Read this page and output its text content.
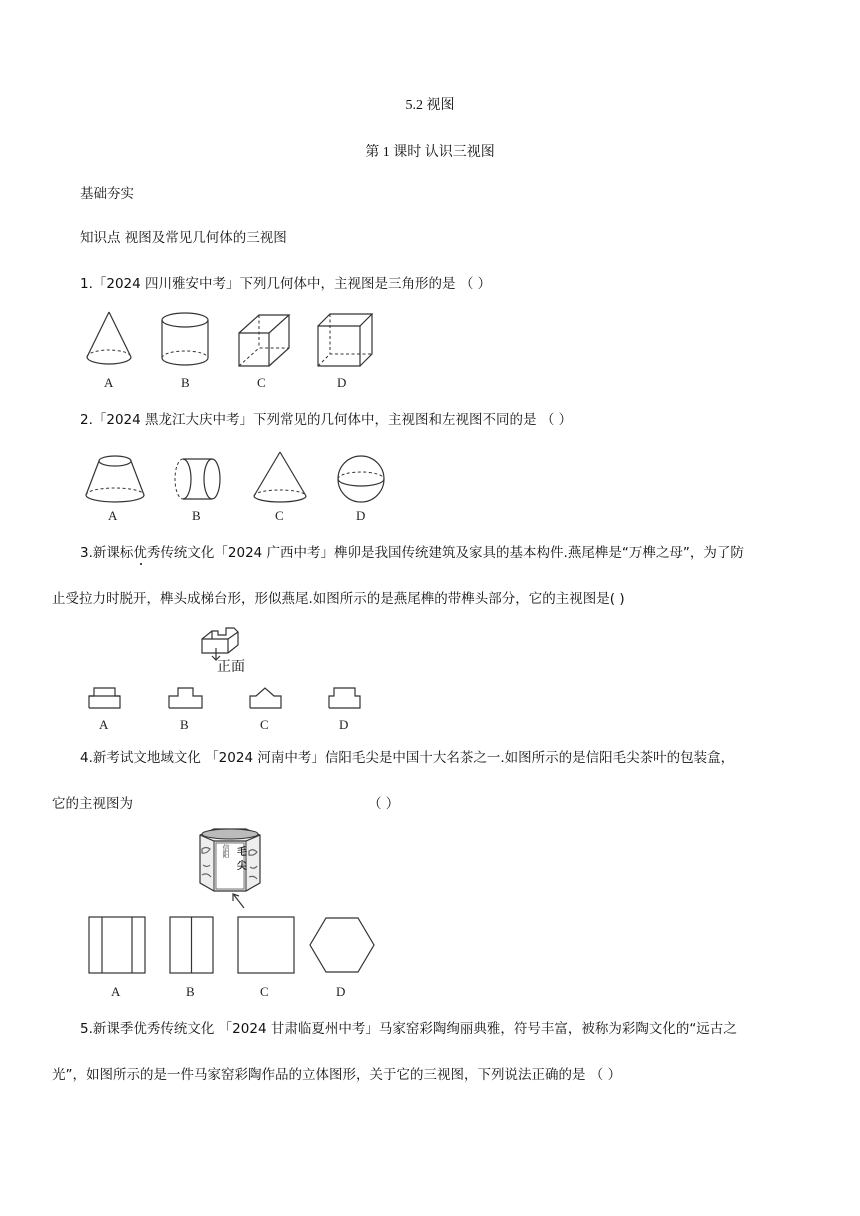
5.2 视图
第 1 课时 认识三视图
基础夯实
知识点 视图及常见几何体的三视图
1.「2024 四川雅安中考」下列几何体中，主视图是三角形的是 （ ）
A	B	C	D
2.「2024 黑龙江大庆中考」下列常见的几何体中，主视图和左视图不同的是 （ ）
A	B	C	D
3.新课标优秀传统文化「2024 广西中考」榫卯是我国传统建筑及家具的基本构件.燕尾榫是“万榫之母”，为了防
止受拉力时脱开，榫头成梯台形，形似燕尾.如图所示的是燕尾榫的带榫头部分，它的主视图是( )
正面
A	B	C	D
4.新考试文地域文化 「2024 河南中考」信阳毛尖是中国十大名茶之一.如图所示的是信阳毛尖茶叶的包装盒，
它的主视图为	（ ）
毛
尖
信阳
A	B	C	D
5.新课季优秀传统文化 「2024 甘肃临夏州中考」马家窑彩陶绚丽典雅，符号丰富，被称为彩陶文化的“远古之
光”，如图所示的是一件马家窑彩陶作品的立体图形，关于它的三视图，下列说法正确的是 （ ）
